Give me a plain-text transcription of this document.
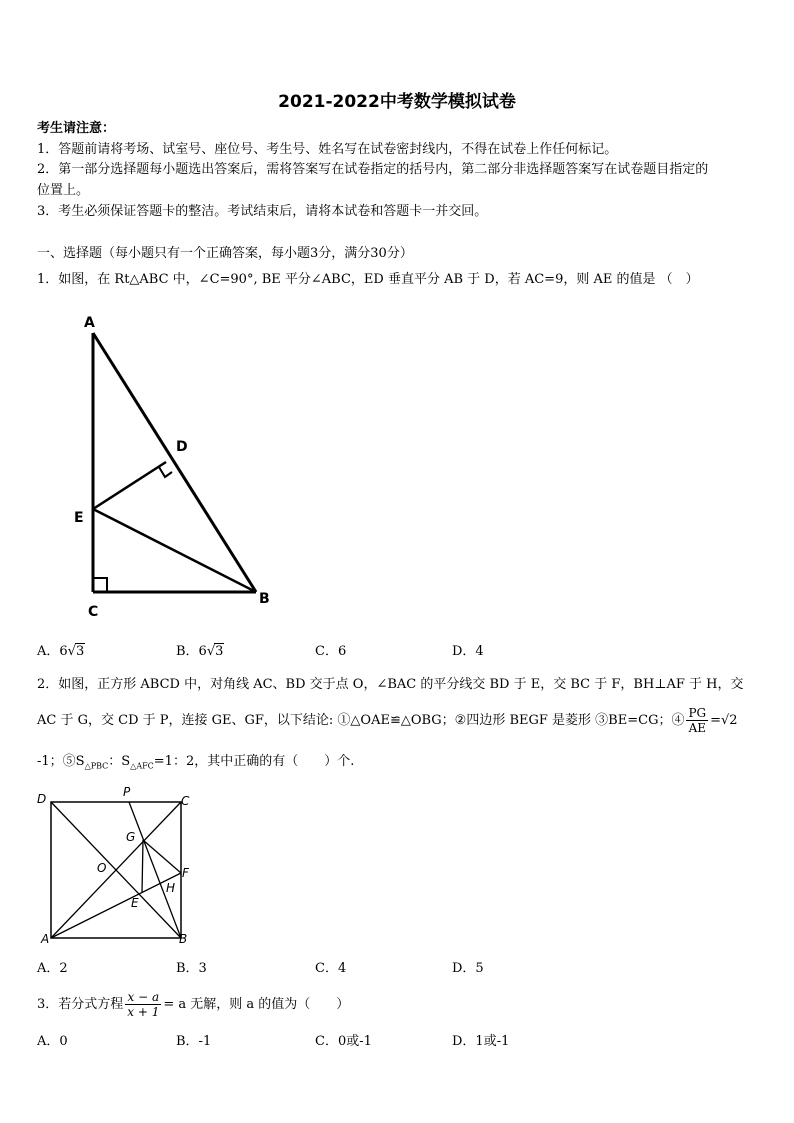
2021-2022中考数学模拟试卷
考生请注意：
1．答题前请将考场、试室号、座位号、考生号、姓名写在试卷密封线内，不得在试卷上作任何标记。
2．第一部分选择题每小题选出答案后，需将答案写在试卷指定的括号内，第二部分非选择题答案写在试卷题目指定的
位置上。
3．考生必须保证答题卡的整洁。考试结束后，请将本试卷和答题卡一并交回。
一、选择题（每小题只有一个正确答案，每小题3分，满分30分）
1．如图，在 Rt△ABC 中，∠C=90°, BE 平分∠ABC，ED 垂直平分 AB 于 D，若 AC=9，则 AE 的值是 （　）
A
D
E
C
B
A．6√3	B．6√3	C．6	D．4
2．如图，正方形 ABCD 中，对角线 AC、BD 交于点 O，∠BAC 的平分线交 BD 于 E，交 BC 于 F，BH⊥AF 于 H，交
AC 于 G，交 CD 于 P，连接 GE、GF，以下结论: ①△OAE≌△OBG；②四边形 BEGF 是菱形 ③BE=CG；④ $\frac{PG}{AE} =√2$
-1；$⑤S_{\triangle PBC}$：$S_{\triangle AFC}=1$：2，其中正确的有（　　）个.
D	P
C
G
O	F
H
E
A	B
A．2	B．3	C．4	D．5
3．若分式方程 $\frac{x - a}{x + 1} = a$ 无解，则 a 的值为（　　）
A．0	B．-1	C．0或-1	D．1或-1
